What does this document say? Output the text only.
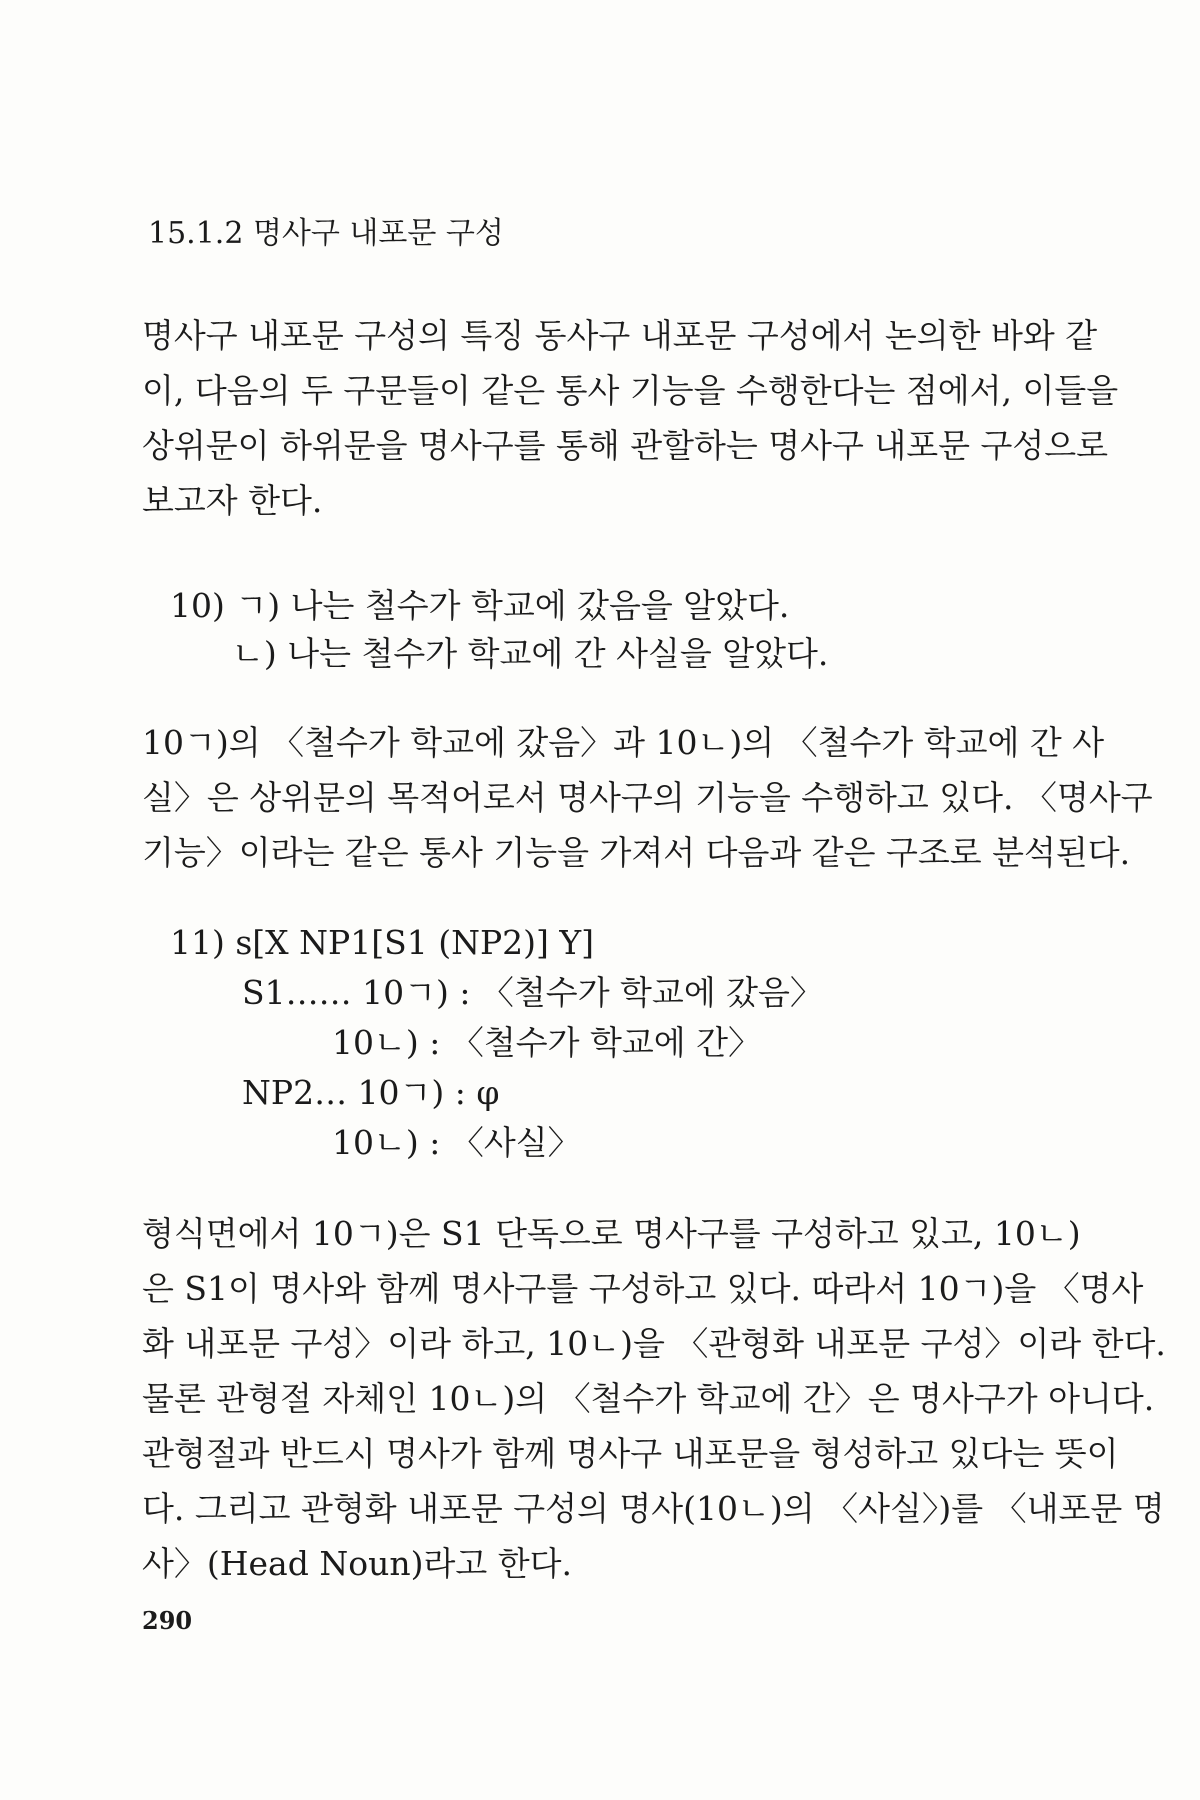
15.1.2 명사구 내포문 구성
명사구 내포문 구성의 특징 동사구 내포문 구성에서 논의한 바와 같
이, 다음의 두 구문들이 같은 통사 기능을 수행한다는 점에서, 이들을
상위문이 하위문을 명사구를 통해 관할하는 명사구 내포문 구성으로
보고자 한다.
10) ㄱ) 나는 철수가 학교에 갔음을 알았다.
ㄴ) 나는 철수가 학교에 간 사실을 알았다.
10ㄱ)의 〈철수가 학교에 갔음〉과 10ㄴ)의 〈철수가 학교에 간 사
실〉은 상위문의 목적어로서 명사구의 기능을 수행하고 있다. 〈명사구
기능〉이라는 같은 통사 기능을 가져서 다음과 같은 구조로 분석된다.
11) s[X NP1[S1 (NP2)] Y]
S1…… 10ㄱ) : 〈철수가 학교에 갔음〉
10ㄴ) : 〈철수가 학교에 간〉
NP2… 10ㄱ) : φ
10ㄴ) : 〈사실〉
형식면에서 10ㄱ)은 S1 단독으로 명사구를 구성하고 있고, 10ㄴ)
은 S1이 명사와 함께 명사구를 구성하고 있다. 따라서 10ㄱ)을 〈명사
화 내포문 구성〉이라 하고, 10ㄴ)을 〈관형화 내포문 구성〉이라 한다.
물론 관형절 자체인 10ㄴ)의 〈철수가 학교에 간〉은 명사구가 아니다.
관형절과 반드시 명사가 함께 명사구 내포문을 형성하고 있다는 뜻이
다. 그리고 관형화 내포문 구성의 명사(10ㄴ)의 〈사실〉)를 〈내포문 명
사〉(Head Noun)라고 한다.
290
